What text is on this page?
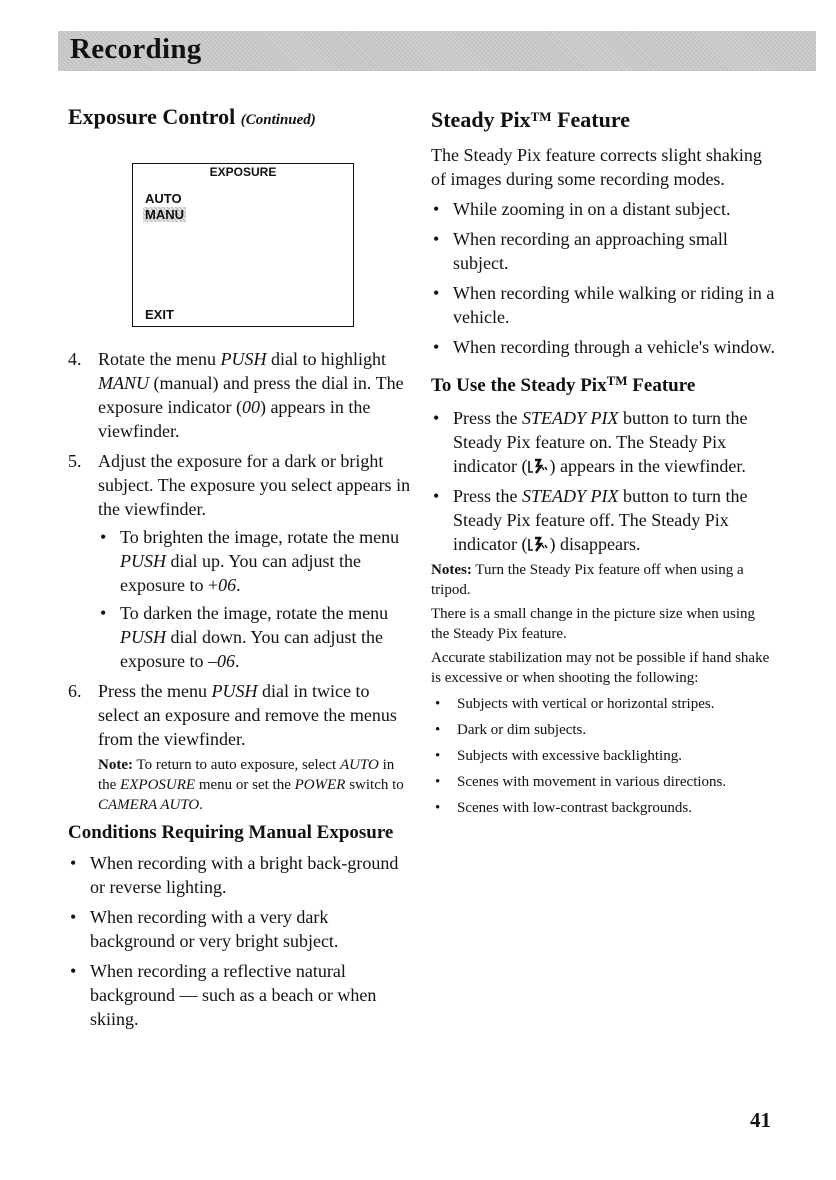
Recording
Exposure Control (Continued)
EXPOSURE
AUTO
MANU
EXIT
4. Rotate the menu PUSH dial to highlight MANU (manual) and press the dial in. The exposure indicator (00) appears in the viewfinder.
5. Adjust the exposure for a dark or bright subject. The exposure you select appears in the viewfinder.
• To brighten the image, rotate the menu PUSH dial up. You can adjust the exposure to +06.
• To darken the image, rotate the menu PUSH dial down. You can adjust the exposure to –06.
6. Press the menu PUSH dial in twice to select an exposure and remove the menus from the viewfinder.
Note: To return to auto exposure, select AUTO in the EXPOSURE menu or set the POWER switch to CAMERA AUTO.
Conditions Requiring Manual Exposure
• When recording with a bright back-ground or reverse lighting.
• When recording with a very dark background or very bright subject.
• When recording a reflective natural background — such as a beach or when skiing.
Steady Pix™ Feature

The Steady Pix feature corrects slight shaking of images during some recording modes.

• While zooming in on a distant subject.
• When recording an approaching small subject.
• When recording while walking or riding in a vehicle.
• When recording through a vehicle's window.
To Use the Steady Pix™ Feature
• Press the STEADY PIX button to turn the Steady Pix feature on. The Steady Pix indicator ( ) appears in the viewfinder.
• Press the STEADY PIX button to turn the Steady Pix feature off. The Steady Pix indicator ( ) disappears.
Notes: Turn the Steady Pix feature off when using a tripod.
There is a small change in the picture size when using the Steady Pix feature.
Accurate stabilization may not be possible if hand shake is excessive or when shooting the following:
• Subjects with vertical or horizontal stripes.
• Dark or dim subjects.
• Subjects with excessive backlighting.
• Scenes with movement in various directions.
• Scenes with low-contrast backgrounds.
41
